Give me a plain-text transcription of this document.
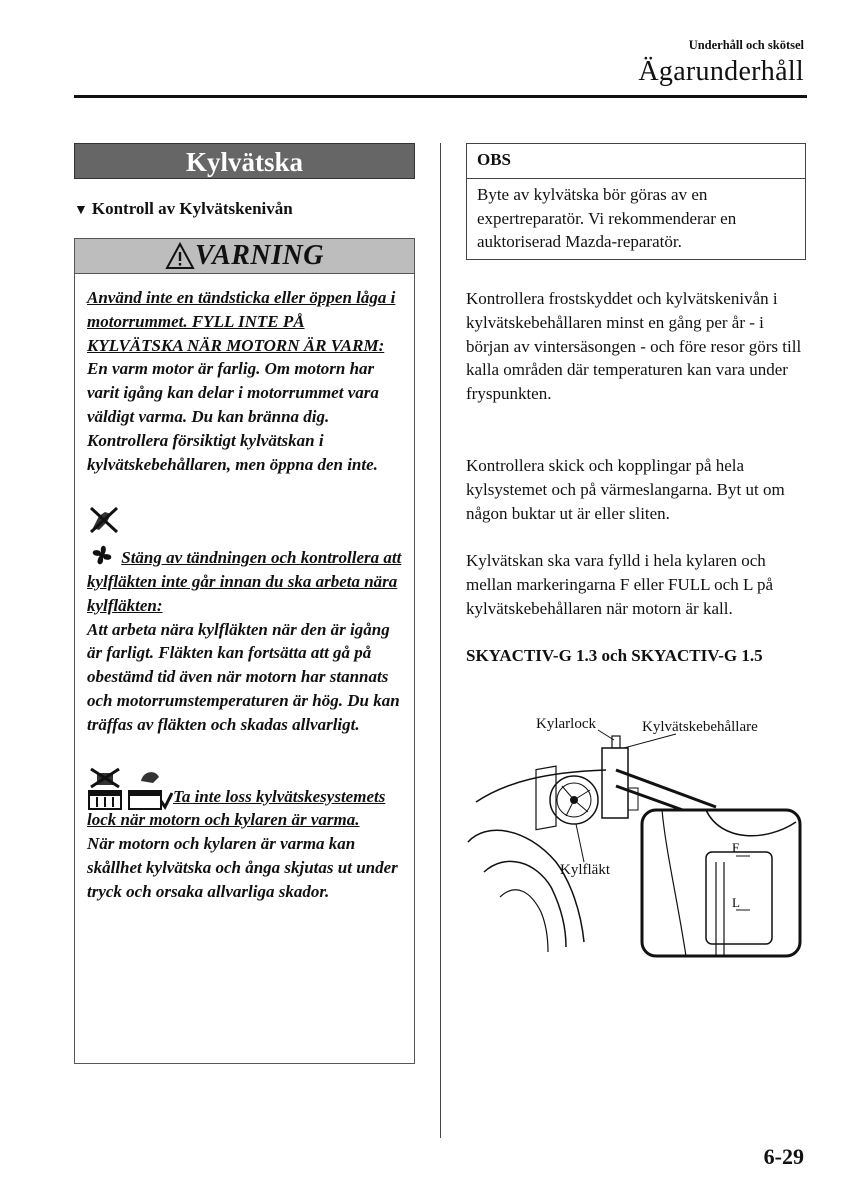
Underhåll och skötsel
Ägarunderhåll
Kylvätska
▼ Kontroll av Kylvätskenivån
VARNING

Använd inte en tändsticka eller öppen låga i motorrummet. FYLL INTE PÅ KYLVÄTSKA NÄR MOTORN ÄR VARM:
En varm motor är farlig. Om motorn har varit igång kan delar i motorrummet vara väldigt varma. Du kan bränna dig. Kontrollera försiktigt kylvätskan i kylvätskebehållaren, men öppna den inte.

Stäng av tändningen och kontrollera att kylfläkten inte går innan du ska arbeta nära kylfläkten:
Att arbeta nära kylfläkten när den är igång är farligt. Fläkten kan fortsätta att gå på obestämd tid även när motorn har stannats och motorrumstemperaturen är hög. Du kan träffas av fläkten och skadas allvarligt.

Ta inte loss kylvätskesystemets lock när motorn och kylaren är varma.
När motorn och kylaren är varma kan skållhet kylvätska och ånga skjutas ut under tryck och orsaka allvarliga skador.

OBS
Byte av kylvätska bör göras av en expertreparatör. Vi rekommenderar en auktoriserad Mazda-reparatör.

Kontrollera frostskyddet och kylvätskenivån i kylvätskebehållaren minst en gång per år - i början av vintersäsongen - och före resor görs till kalla områden där temperaturen kan vara under fryspunkten.

Kontrollera skick och kopplingar på hela kylsystemet och på värmeslangarna. Byt ut om någon buktar ut är eller sliten.

Kylvätskan ska vara fylld i hela kylaren och mellan markeringarna F eller FULL och L på kylvätskebehållaren när motorn är kall.

SKYACTIV-G 1.3 och SKYACTIV-G 1.5

F
L
Kylarlock	Kylvätskebehållare
Kylfläkt
6-29
